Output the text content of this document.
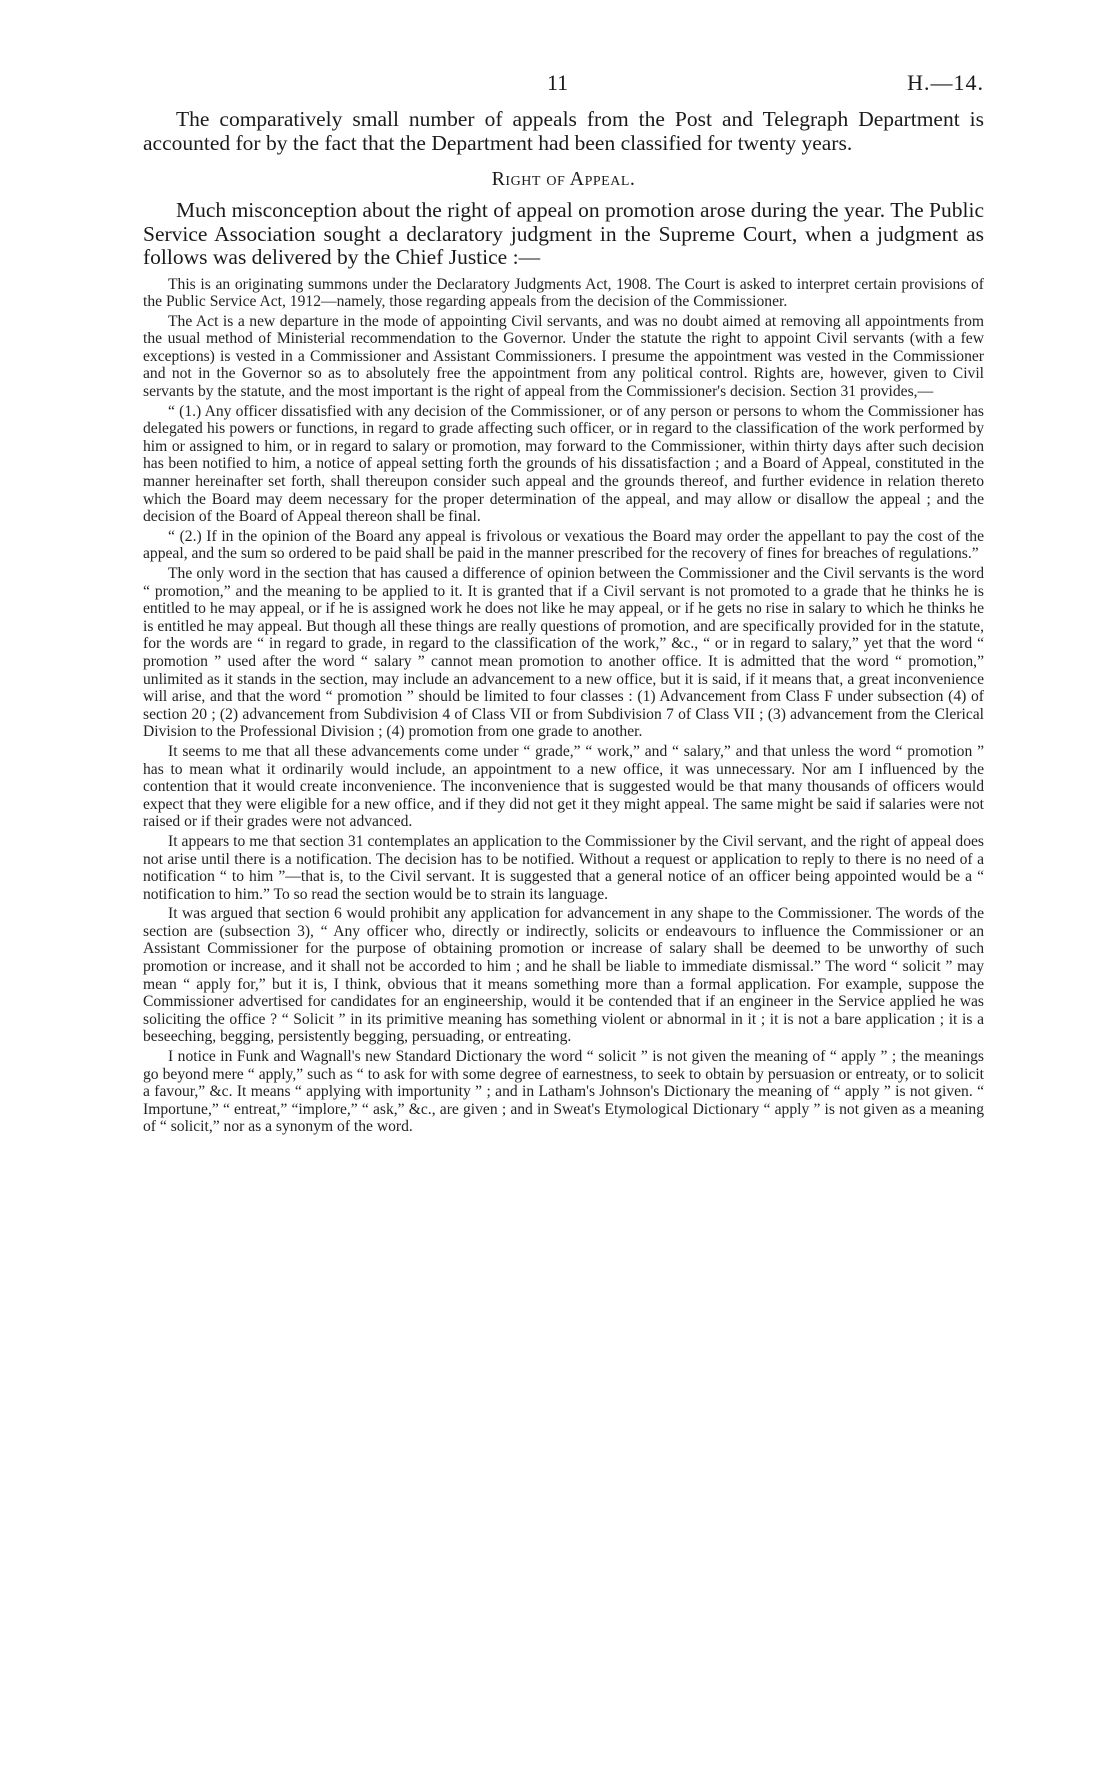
11	H.—14.

The comparatively small number of appeals from the Post and Telegraph Department is accounted for by the fact that the Department had been classified for twenty years.

Right of Appeal.

Much misconception about the right of appeal on promotion arose during the year. The Public Service Association sought a declaratory judgment in the Supreme Court, when a judgment as follows was delivered by the Chief Justice :—

This is an originating summons under the Declaratory Judgments Act, 1908. The Court is asked to interpret certain provisions of the Public Service Act, 1912—namely, those regarding appeals from the decision of the Commissioner.

The Act is a new departure in the mode of appointing Civil servants, and was no doubt aimed at removing all appointments from the usual method of Ministerial recommendation to the Governor. Under the statute the right to appoint Civil servants (with a few exceptions) is vested in a Commissioner and Assistant Commissioners. I presume the appointment was vested in the Commissioner and not in the Governor so as to absolutely free the appointment from any political control. Rights are, however, given to Civil servants by the statute, and the most important is the right of appeal from the Commissioner's decision. Section 31 provides,—

“ (1.) Any officer dissatisfied with any decision of the Commissioner, or of any person or persons to whom the Commissioner has delegated his powers or functions, in regard to grade affecting such officer, or in regard to the classification of the work performed by him or assigned to him, or in regard to salary or promotion, may forward to the Commissioner, within thirty days after such decision has been notified to him, a notice of appeal setting forth the grounds of his dissatisfaction ; and a Board of Appeal, constituted in the manner hereinafter set forth, shall thereupon consider such appeal and the grounds thereof, and further evidence in relation thereto which the Board may deem necessary for the proper determination of the appeal, and may allow or disallow the appeal ; and the decision of the Board of Appeal thereon shall be final.

“ (2.) If in the opinion of the Board any appeal is frivolous or vexatious the Board may order the appellant to pay the cost of the appeal, and the sum so ordered to be paid shall be paid in the manner prescribed for the recovery of fines for breaches of regulations.”

The only word in the section that has caused a difference of opinion between the Commissioner and the Civil servants is the word “ promotion,” and the meaning to be applied to it. It is granted that if a Civil servant is not promoted to a grade that he thinks he is entitled to he may appeal, or if he is assigned work he does not like he may appeal, or if he gets no rise in salary to which he thinks he is entitled he may appeal. But though all these things are really questions of promotion, and are specifically provided for in the statute, for the words are “ in regard to grade, in regard to the classification of the work,” &c., “ or in regard to salary,” yet that the word “ promotion ” used after the word “ salary ” cannot mean promotion to another office. It is admitted that the word “ promotion,” unlimited as it stands in the section, may include an advancement to a new office, but it is said, if it means that, a great inconvenience will arise, and that the word “ promotion ” should be limited to four classes : (1) Advancement from Class F under subsection (4) of section 20 ; (2) advancement from Subdivision 4 of Class VII or from Subdivision 7 of Class VII ; (3) advancement from the Clerical Division to the Professional Division ; (4) promotion from one grade to another.

It seems to me that all these advancements come under “ grade,” “ work,” and “ salary,” and that unless the word “ promotion ” has to mean what it ordinarily would include, an appointment to a new office, it was unnecessary. Nor am I influenced by the contention that it would create inconvenience. The inconvenience that is suggested would be that many thousands of officers would expect that they were eligible for a new office, and if they did not get it they might appeal. The same might be said if salaries were not raised or if their grades were not advanced.

It appears to me that section 31 contemplates an application to the Commissioner by the Civil servant, and the right of appeal does not arise until there is a notification. The decision has to be notified. Without a request or application to reply to there is no need of a notification “ to him ”—that is, to the Civil servant. It is suggested that a general notice of an officer being appointed would be a “ notification to him.” To so read the section would be to strain its language.

It was argued that section 6 would prohibit any application for advancement in any shape to the Commissioner. The words of the section are (subsection 3), “ Any officer who, directly or indirectly, solicits or endeavours to influence the Commissioner or an Assistant Commissioner for the purpose of obtaining promotion or increase of salary shall be deemed to be unworthy of such promotion or increase, and it shall not be accorded to him ; and he shall be liable to immediate dismissal.” The word “ solicit ” may mean “ apply for,” but it is, I think, obvious that it means something more than a formal application. For example, suppose the Commissioner advertised for candidates for an engineership, would it be contended that if an engineer in the Service applied he was soliciting the office ? “ Solicit ” in its primitive meaning has something violent or abnormal in it ; it is not a bare application ; it is a beseeching, begging, persistently begging, persuading, or entreating.

I notice in Funk and Wagnall's new Standard Dictionary the word “ solicit ” is not given the meaning of “ apply ” ; the meanings go beyond mere “ apply,” such as “ to ask for with some degree of earnestness, to seek to obtain by persuasion or entreaty, or to solicit a favour,” &c. It means “ applying with importunity ” ; and in Latham's Johnson's Dictionary the meaning of “ apply ” is not given. “ Importune,” “ entreat,” “implore,” “ ask,” &c., are given ; and in Sweat's Etymological Dictionary “ apply ” is not given as a meaning of “ solicit,” nor as a synonym of the word.
